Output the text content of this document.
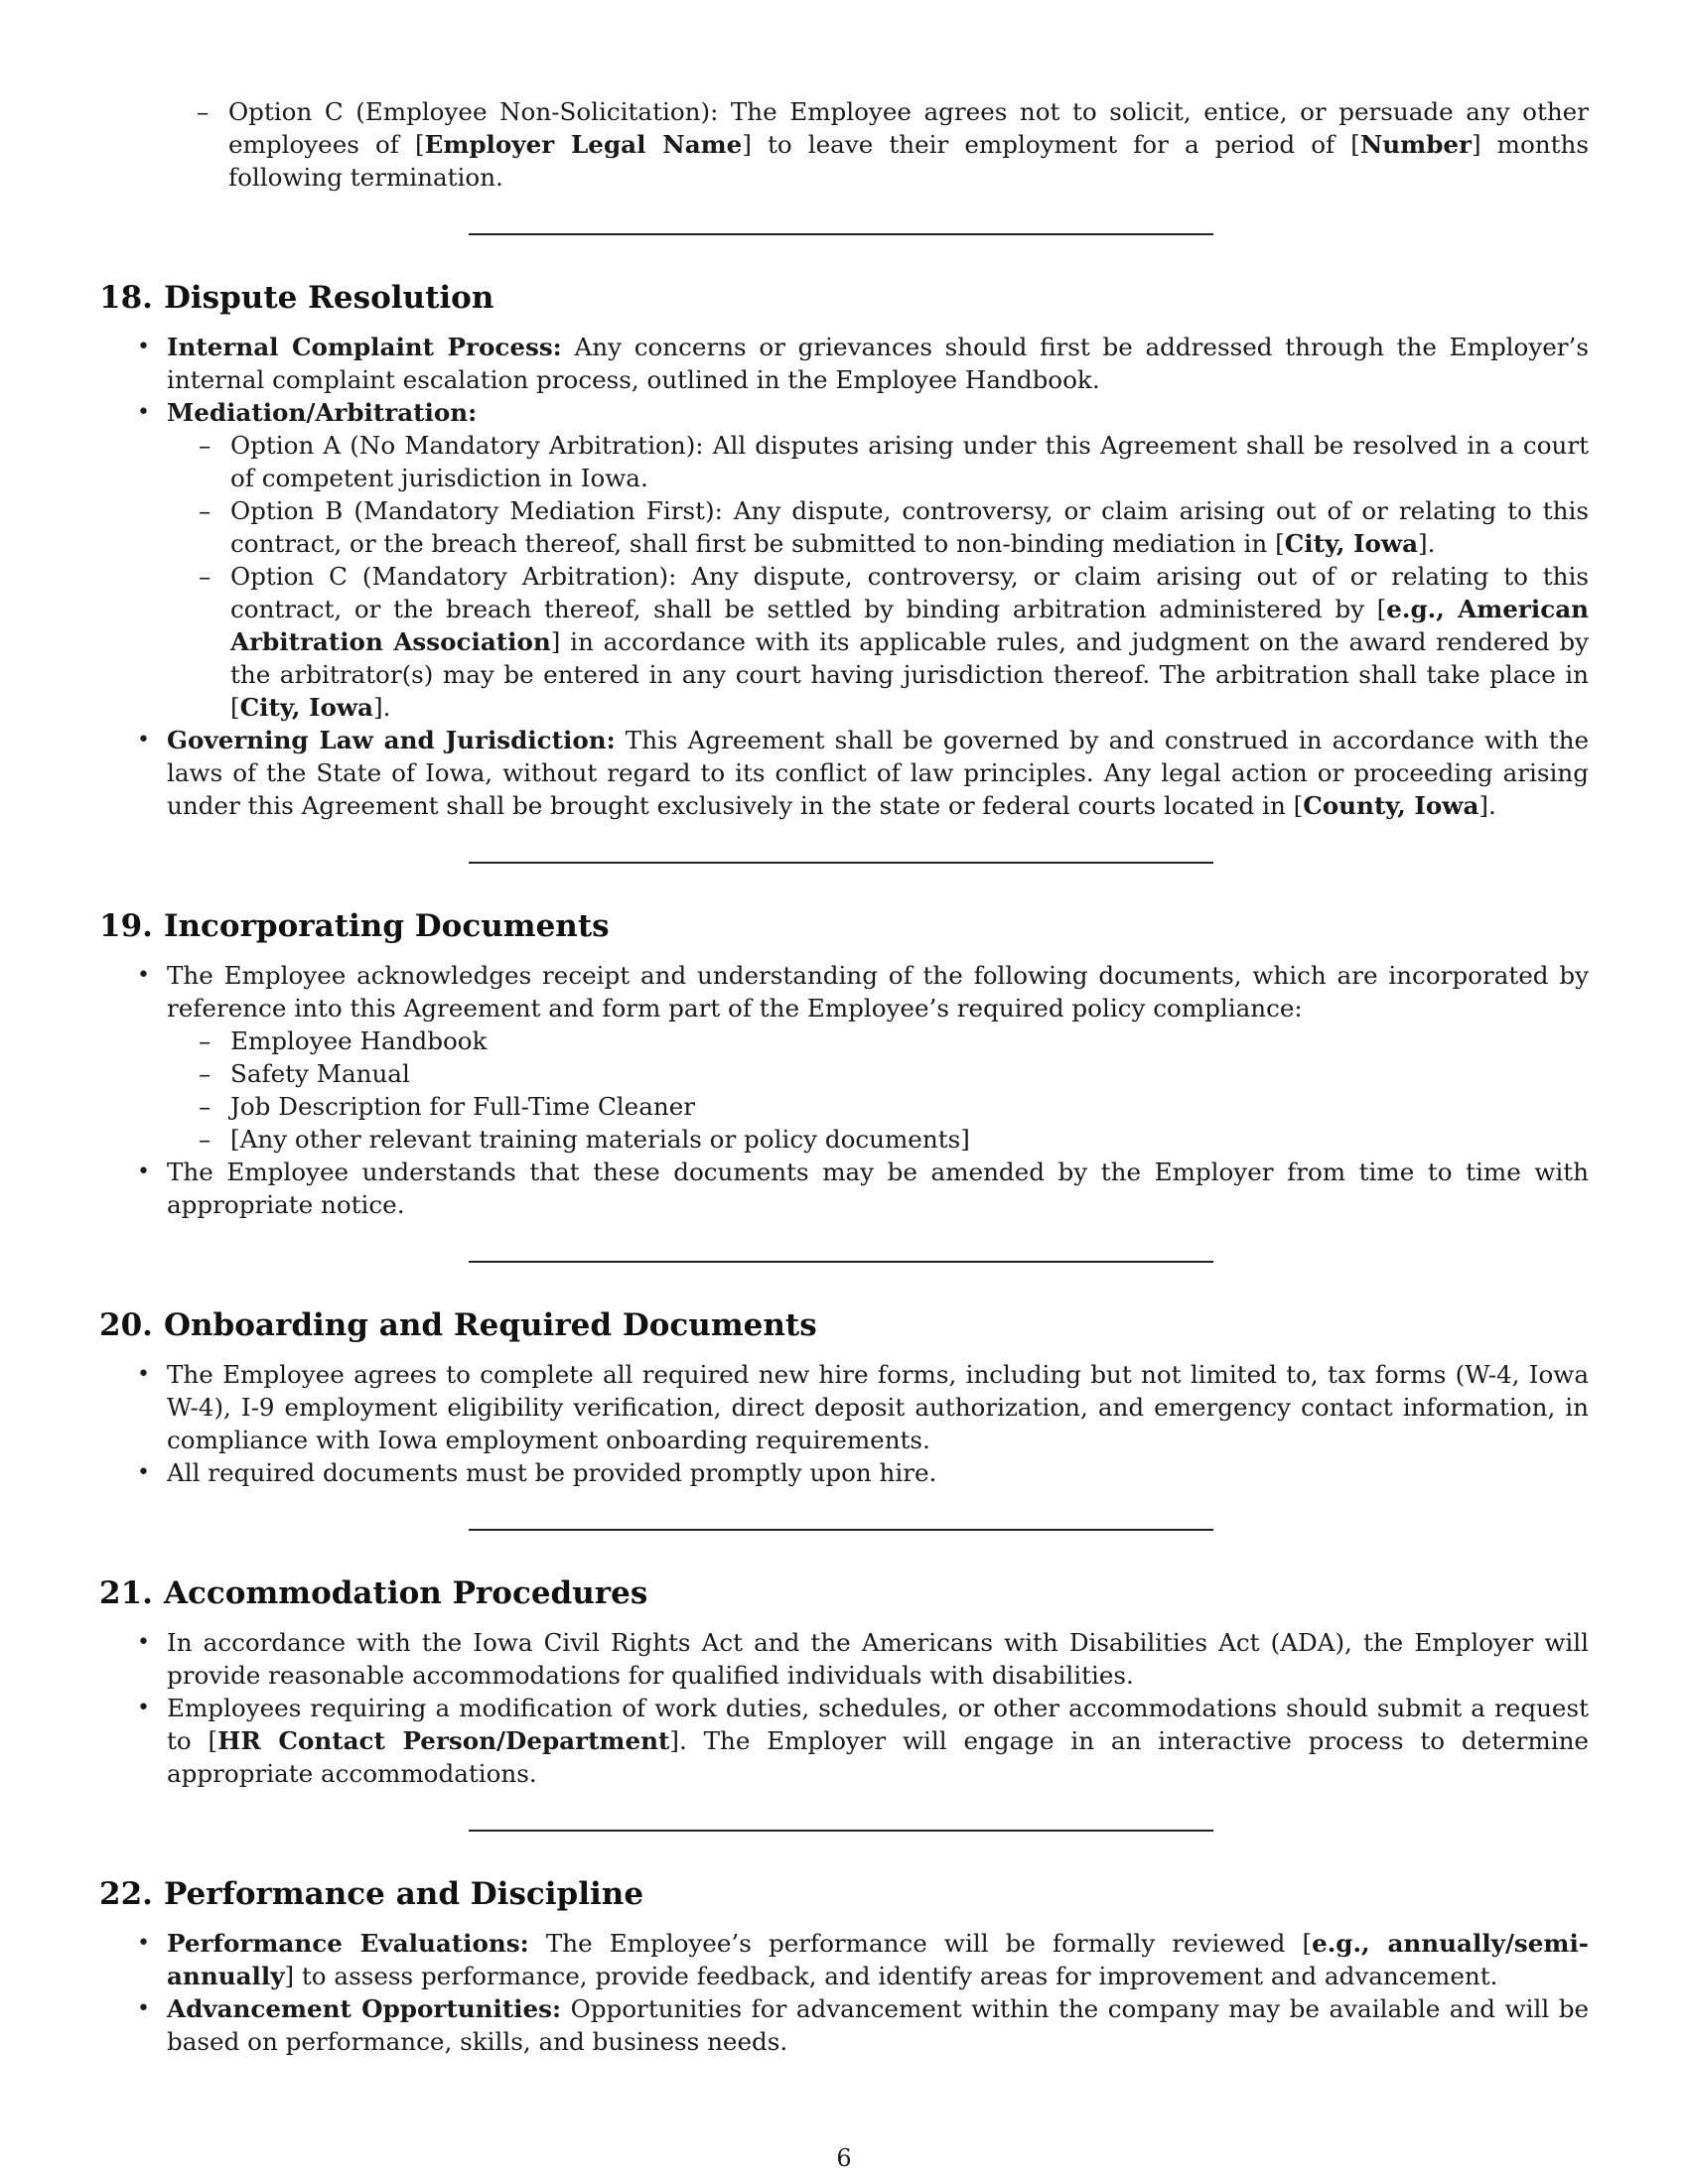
– Option C (Employee Non-Solicitation): The Employee agrees not to solicit, entice, or persuade any other employees of [Employer Legal Name] to leave their employment for a period of [Number] months following termination.
18. Dispute Resolution
• Internal Complaint Process: Any concerns or grievances should first be addressed through the Employer’s internal complaint escalation process, outlined in the Employee Handbook.
• Mediation/Arbitration:
– Option A (No Mandatory Arbitration): All disputes arising under this Agreement shall be resolved in a court of competent jurisdiction in Iowa.
– Option B (Mandatory Mediation First): Any dispute, controversy, or claim arising out of or relating to this contract, or the breach thereof, shall first be submitted to non-binding mediation in [City, Iowa].
– Option C (Mandatory Arbitration): Any dispute, controversy, or claim arising out of or relating to this contract, or the breach thereof, shall be settled by binding arbitration administered by [e.g., American Arbitration Association] in accordance with its applicable rules, and judgment on the award rendered by the arbitrator(s) may be entered in any court having jurisdiction thereof. The arbitration shall take place in [City, Iowa].
• Governing Law and Jurisdiction: This Agreement shall be governed by and construed in accordance with the laws of the State of Iowa, without regard to its conflict of law principles. Any legal action or proceeding arising under this Agreement shall be brought exclusively in the state or federal courts located in [County, Iowa].
19. Incorporating Documents
• The Employee acknowledges receipt and understanding of the following documents, which are incorporated by reference into this Agreement and form part of the Employee’s required policy compliance:
– Employee Handbook
– Safety Manual
– Job Description for Full-Time Cleaner
– [Any other relevant training materials or policy documents]
• The Employee understands that these documents may be amended by the Employer from time to time with appropriate notice.
20. Onboarding and Required Documents
• The Employee agrees to complete all required new hire forms, including but not limited to, tax forms (W-4, Iowa W-4), I-9 employment eligibility verification, direct deposit authorization, and emergency contact information, in compliance with Iowa employment onboarding requirements.
• All required documents must be provided promptly upon hire.
21. Accommodation Procedures
• In accordance with the Iowa Civil Rights Act and the Americans with Disabilities Act (ADA), the Employer will provide reasonable accommodations for qualified individuals with disabilities.
• Employees requiring a modification of work duties, schedules, or other accommodations should submit a request to [HR Contact Person/Department]. The Employer will engage in an interactive process to determine appropriate accommodations.
22. Performance and Discipline
• Performance Evaluations: The Employee’s performance will be formally reviewed [e.g., annually/semi-annually] to assess performance, provide feedback, and identify areas for improvement and advancement.
• Advancement Opportunities: Opportunities for advancement within the company may be available and will be based on performance, skills, and business needs.
6
